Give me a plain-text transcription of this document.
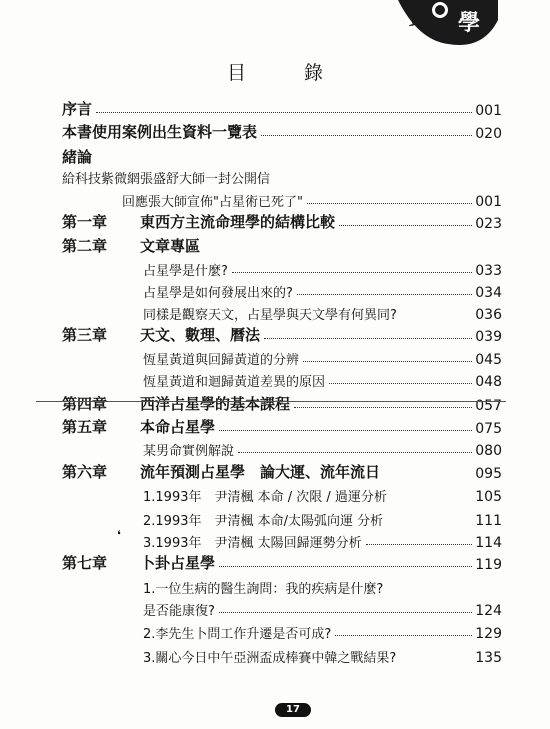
實 學
目 錄
序言	001
本書使用案例出生資料一覽表	020
緒論
給科技紫微網張盛舒大師一封公開信
回應張大師宣佈"占星術已死了"	001
第一章 東西方主流命理學的結構比較	023
第二章 文章專區
占星學是什麼?	033
占星學是如何發展出來的?	034
同樣是觀察天文，占星學與天文學有何異同?	036
第三章 天文、數理、曆法	039
恆星黃道與回歸黃道的分辨	045
恆星黃道和迴歸黃道差異的原因	048
第四章 西洋占星學的基本課程	057
第五章 本命占星學	075
某男命實例解說	080
第六章 流年預測占星學　論大運、流年流日	095
1.1993年　尹清楓 本命 / 次限 / 過運分析	105
2.1993年　尹清楓 本命/太陽弧向運 分析	111
3.1993年　尹清楓 太陽回歸運勢分析	114
第七章 卜卦占星學	119
1.一位生病的醫生詢問：我的疾病是什麼?
是否能康復?	124
2.李先生卜問工作升遷是否可成?	129
3.關心今日中午亞洲盃成棒賽中韓之戰結果?	135
❛
17
